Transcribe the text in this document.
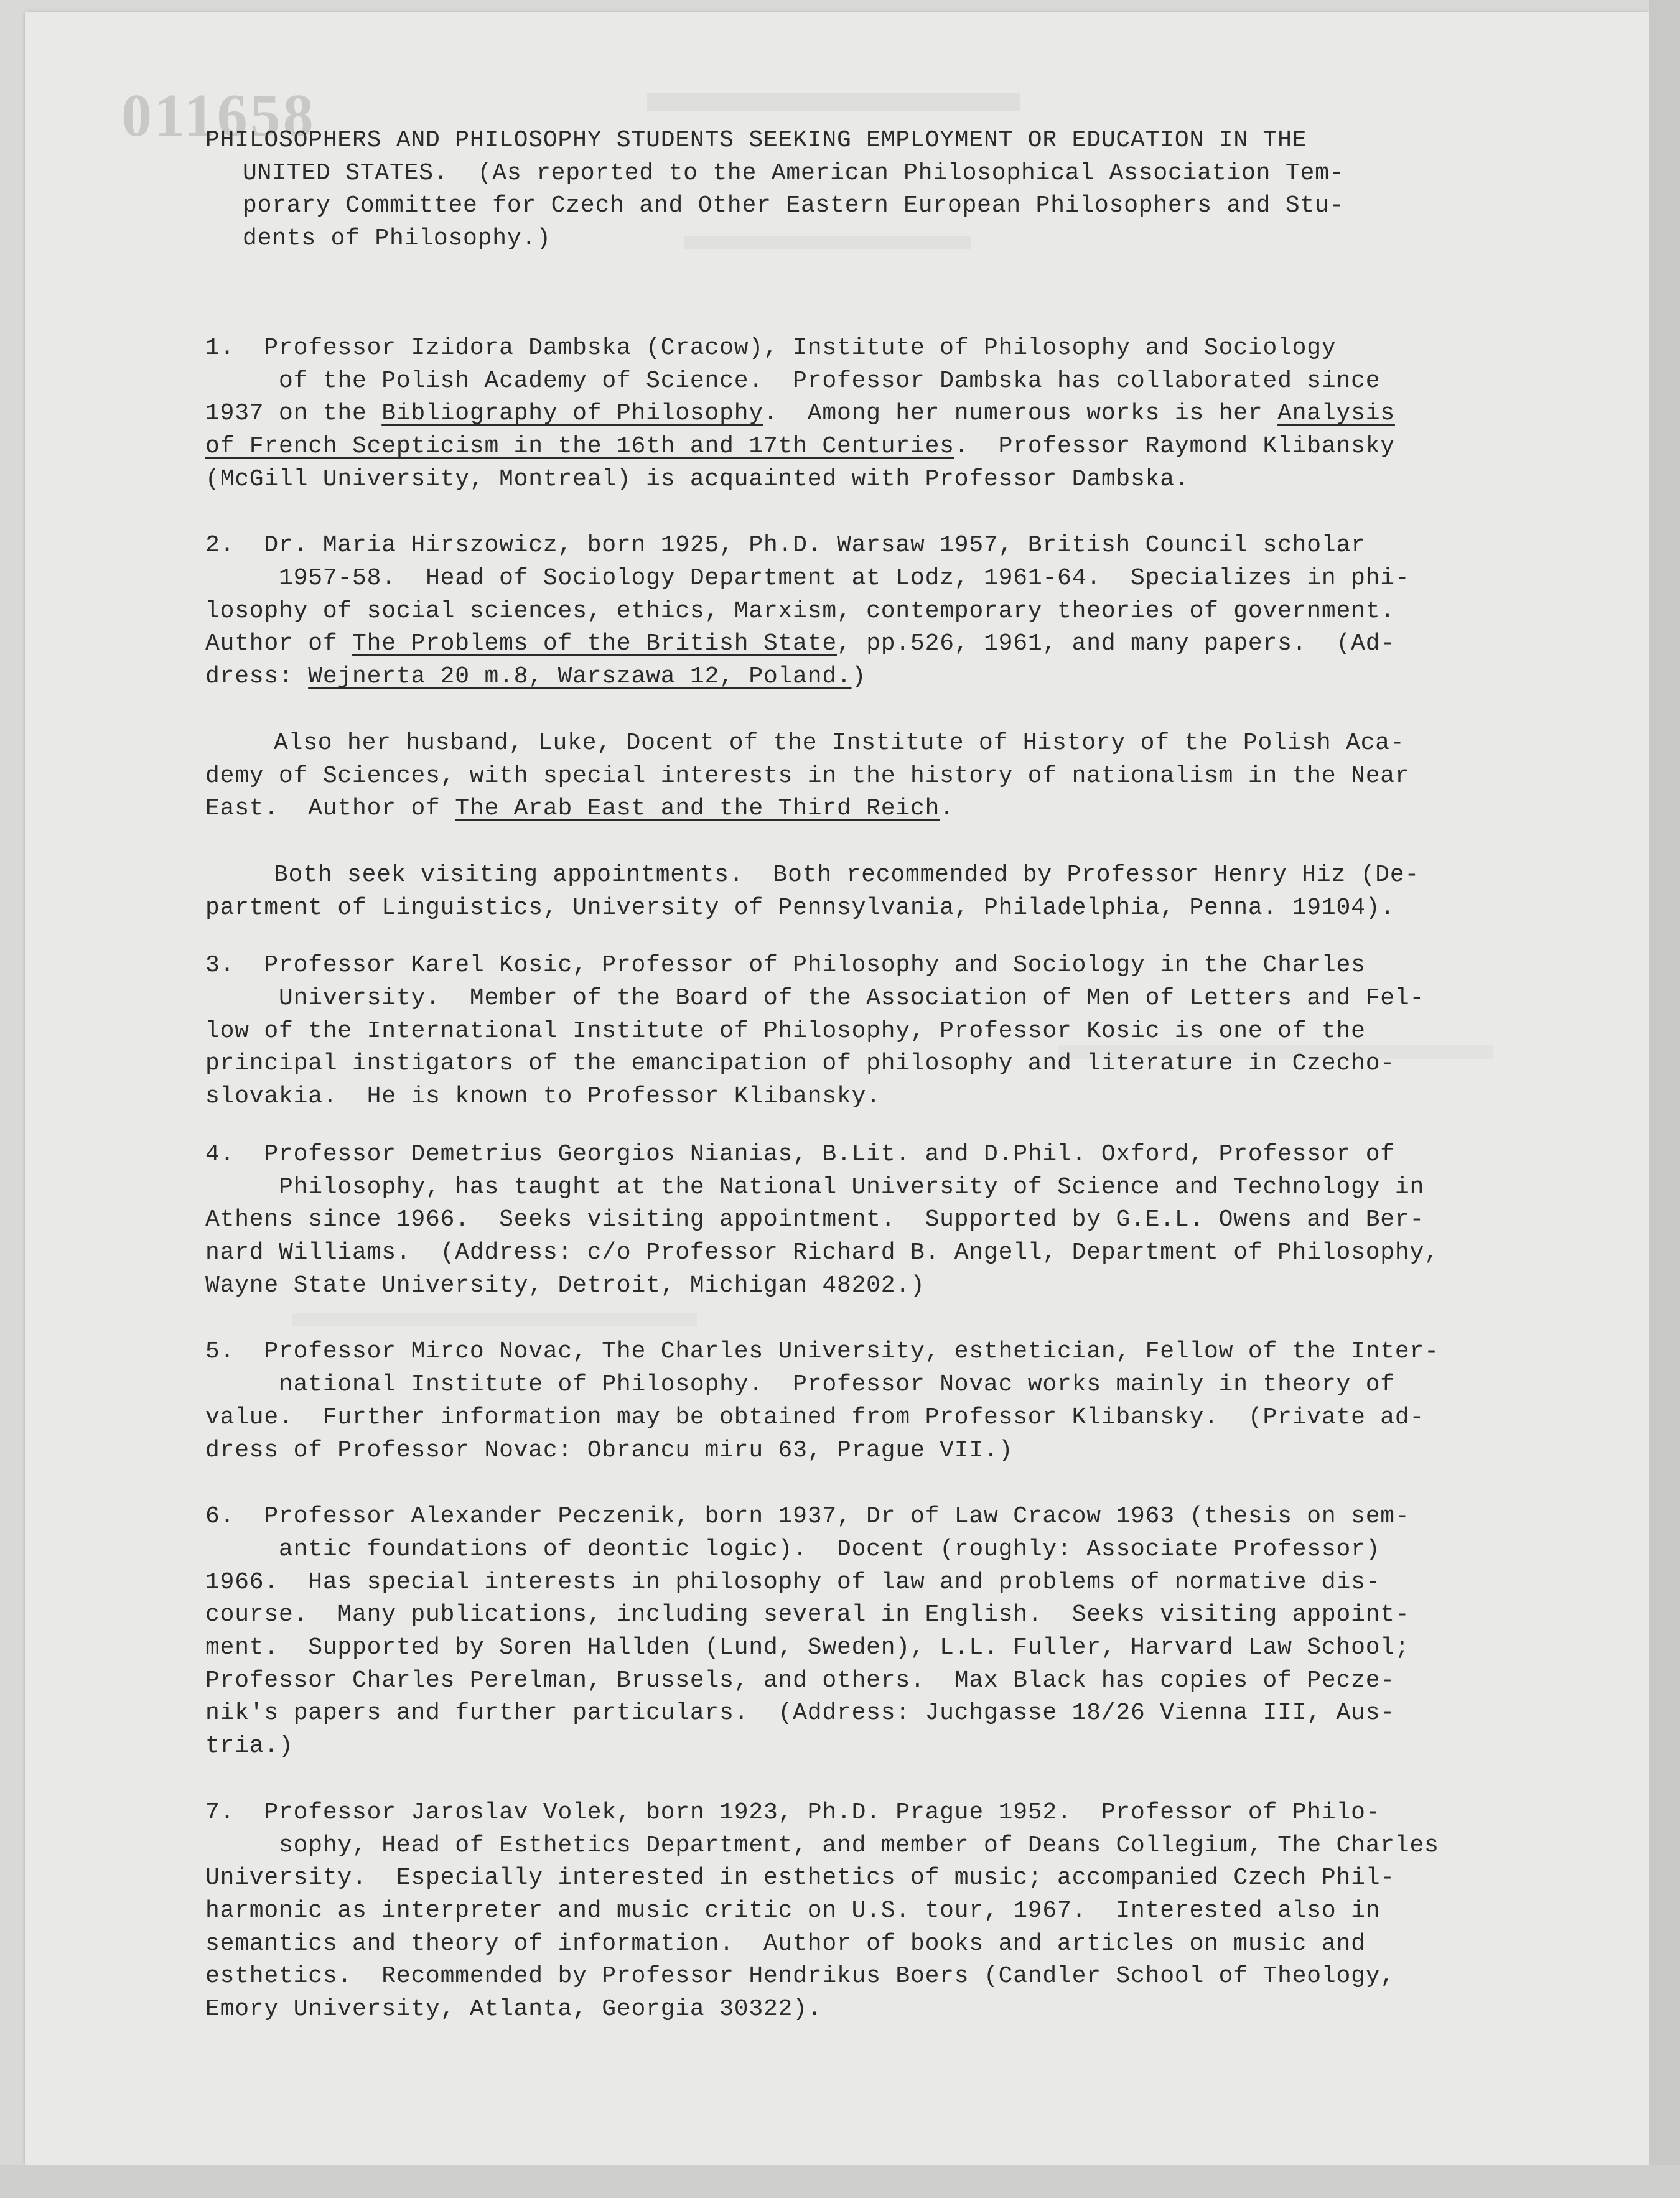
011658
PHILOSOPHERS AND PHILOSOPHY STUDENTS SEEKING EMPLOYMENT OR EDUCATION IN THE
UNITED STATES.  (As reported to the American Philosophical Association Tem-
porary Committee for Czech and Other Eastern European Philosophers and Stu-
dents of Philosophy.)
1.  Professor Izidora Dambska (Cracow), Institute of Philosophy and Sociology
of the Polish Academy of Science.  Professor Dambska has collaborated since
1937 on the Bibliography of Philosophy.  Among her numerous works is her Analysis
of French Scepticism in the 16th and 17th Centuries.  Professor Raymond Klibansky
(McGill University, Montreal) is acquainted with Professor Dambska.
2.  Dr. Maria Hirszowicz, born 1925, Ph.D. Warsaw 1957, British Council scholar
1957-58.  Head of Sociology Department at Lodz, 1961-64.  Specializes in phi-
losophy of social sciences, ethics, Marxism, contemporary theories of government.
Author of The Problems of the British State, pp.526, 1961, and many papers.  (Ad-
dress: Wejnerta 20 m.8, Warszawa 12, Poland.)
Also her husband, Luke, Docent of the Institute of History of the Polish Aca-
demy of Sciences, with special interests in the history of nationalism in the Near
East.  Author of The Arab East and the Third Reich.
Both seek visiting appointments.  Both recommended by Professor Henry Hiz (De-
partment of Linguistics, University of Pennsylvania, Philadelphia, Penna. 19104).
3.  Professor Karel Kosic, Professor of Philosophy and Sociology in the Charles
University.  Member of the Board of the Association of Men of Letters and Fel-
low of the International Institute of Philosophy, Professor Kosic is one of the
principal instigators of the emancipation of philosophy and literature in Czecho-
slovakia.  He is known to Professor Klibansky.
4.  Professor Demetrius Georgios Nianias, B.Lit. and D.Phil. Oxford, Professor of
Philosophy, has taught at the National University of Science and Technology in
Athens since 1966.  Seeks visiting appointment.  Supported by G.E.L. Owens and Ber-
nard Williams.  (Address: c/o Professor Richard B. Angell, Department of Philosophy,
Wayne State University, Detroit, Michigan 48202.)
5.  Professor Mirco Novac, The Charles University, esthetician, Fellow of the Inter-
national Institute of Philosophy.  Professor Novac works mainly in theory of
value.  Further information may be obtained from Professor Klibansky.  (Private ad-
dress of Professor Novac: Obrancu miru 63, Prague VII.)
6.  Professor Alexander Peczenik, born 1937, Dr of Law Cracow 1963 (thesis on sem-
antic foundations of deontic logic).  Docent (roughly: Associate Professor)
1966.  Has special interests in philosophy of law and problems of normative dis-
course.  Many publications, including several in English.  Seeks visiting appoint-
ment.  Supported by Soren Hallden (Lund, Sweden), L.L. Fuller, Harvard Law School;
Professor Charles Perelman, Brussels, and others.  Max Black has copies of Pecze-
nik's papers and further particulars.  (Address: Juchgasse 18/26 Vienna III, Aus-
tria.)
7.  Professor Jaroslav Volek, born 1923, Ph.D. Prague 1952.  Professor of Philo-
sophy, Head of Esthetics Department, and member of Deans Collegium, The Charles
University.  Especially interested in esthetics of music; accompanied Czech Phil-
harmonic as interpreter and music critic on U.S. tour, 1967.  Interested also in
semantics and theory of information.  Author of books and articles on music and
esthetics.  Recommended by Professor Hendrikus Boers (Candler School of Theology,
Emory University, Atlanta, Georgia 30322).
